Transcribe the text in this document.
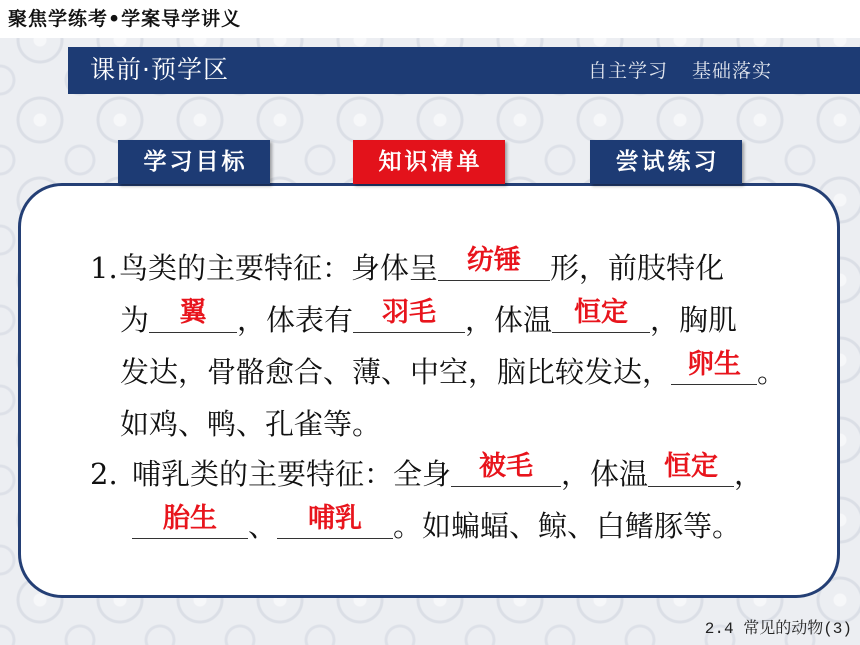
聚焦学练考•学案导学讲义
课前·预学区	自主学习 基础落实
学习目标	知识清单	尝试练习
1.鸟类的主要特征：身体呈	纺锤	形，前肢特化
为	翼	，体表有	羽毛	，体温 恒定 ，胸肌
发达，骨骼愈合、薄、中空，脑比较发达， 卵生 。
如鸡、鸭、孔雀等。
2. 哺乳类的主要特征：全身	被毛 ，体温 恒定 ，
胎生	、	哺乳	。如蝙蝠、鲸、白鳍豚等。
2.4 常见的动物(3)
